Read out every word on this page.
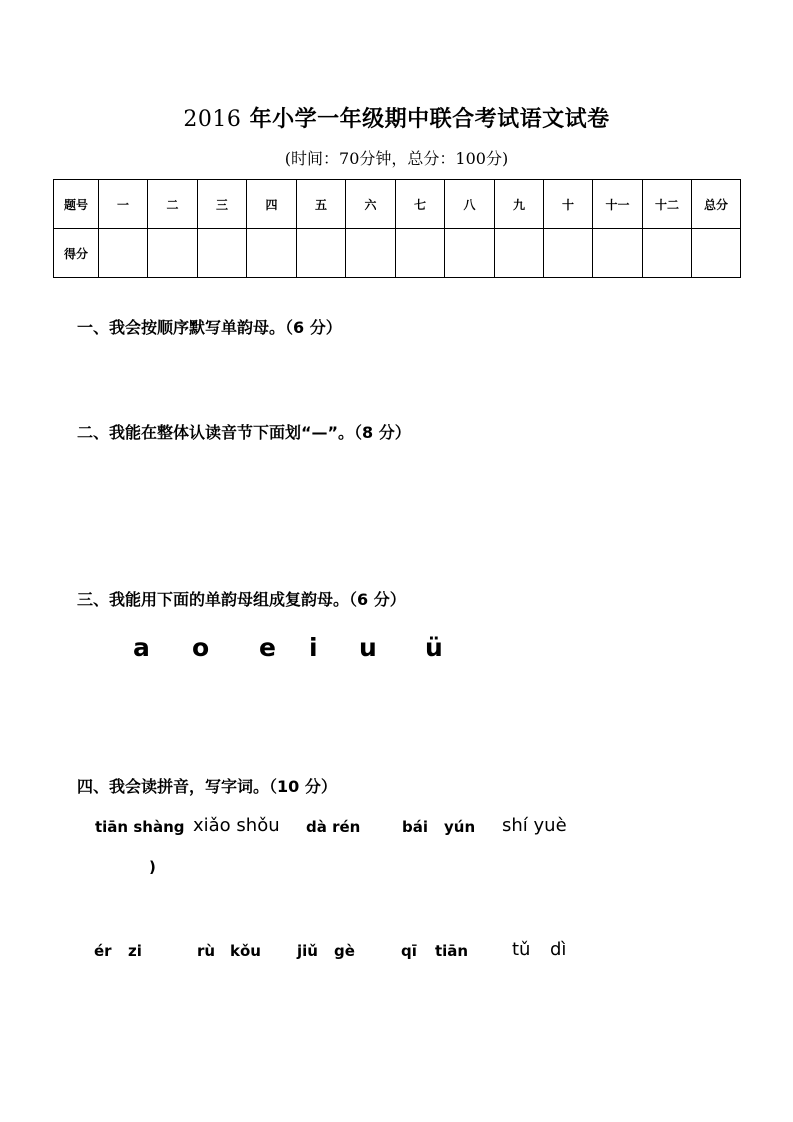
2016 年小学一年级期中联合考试语文试卷
(时间：70分钟，总分：100分)
题号	一	二	三	四	五	六	七	八	九	十	十一	十二	总分
得分													
一、我会按顺序默写单韵母。（6 分）
二、我能在整体认读音节下面划“—”。（8 分）
三、我能用下面的单韵母组成复韵母。（6 分）
a o e i u ü
四、我会读拼音，写字词。（10 分）
tiān shàng xiǎo shǒu dà rén	bái yún shí yuè
)
ér zi	rù kǒu jiǔ gè	qī tiān tǔ dì
